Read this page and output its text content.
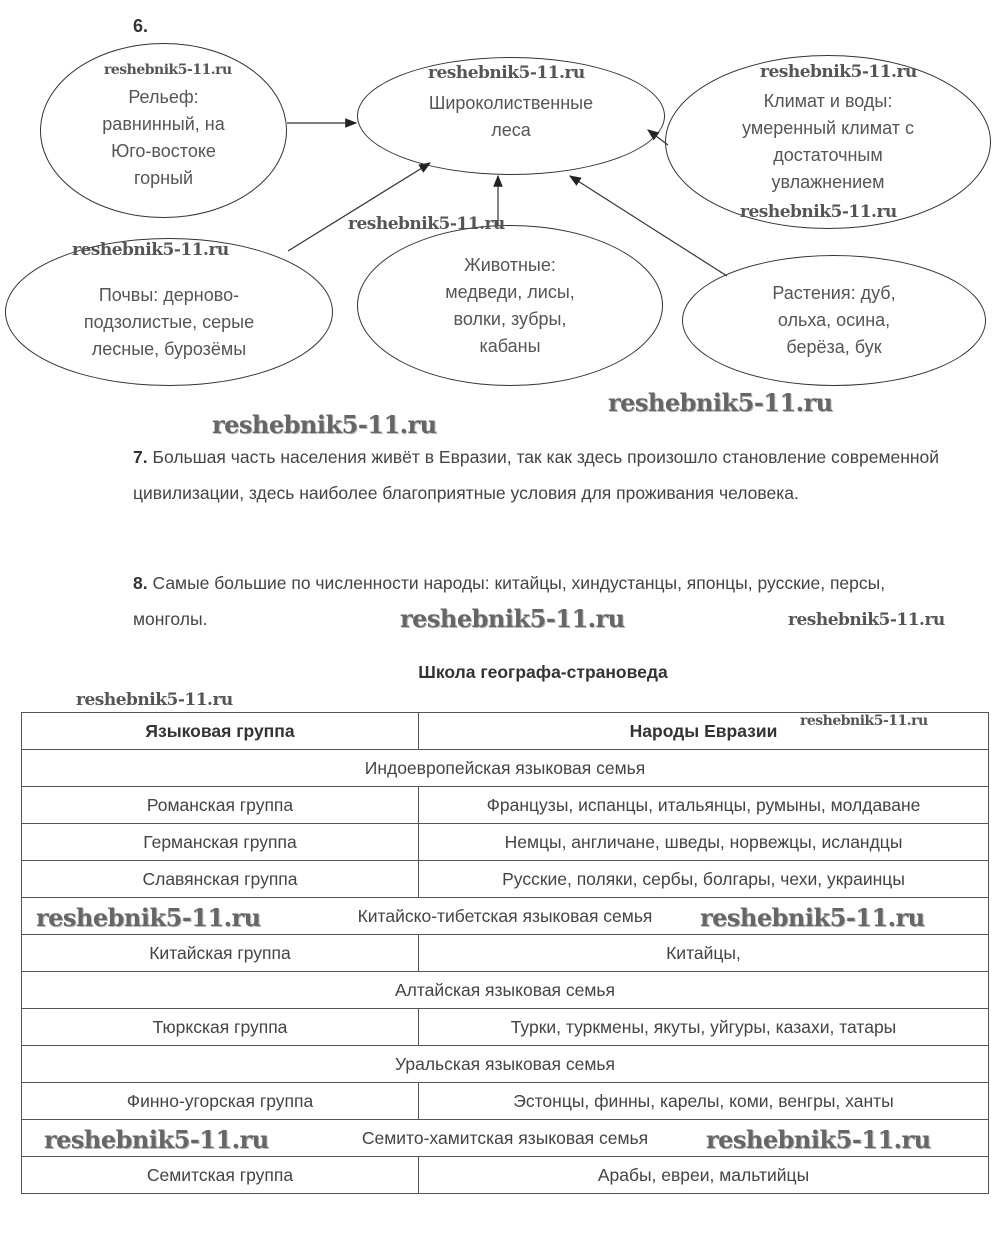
6.
Рельеф:
равнинный, на
Юго-востоке
горный
Широколиственные
леса
Климат и воды:
умеренный климат с
достаточным
увлажнением
Почвы: дерново-
подзолистые, серые
лесные, бурозёмы
Животные:
медведи, лисы,
волки, зубры,
кабаны
Растения: дуб,
ольха, осина,
берёза, бук
reshebnik5-11.ru
reshebnik5-11.ru	reshebnik5-11.ru
reshebnik5-11.ru
reshebnik5-11.ru
reshebnik5-11.ru
reshebnik5-11.ru
reshebnik5-11.ru
7. Большая часть населения живёт в Евразии, так как здесь произошло становление современной цивилизации, здесь наиболее благоприятные условия для проживания человека.
8. Самые большие по численности народы: китайцы, хиндустанцы, японцы, русские, персы, монголы.	reshebnik5-11.ru	reshebnik5-11.ru
Школа географа-страноведа
reshebnik5-11.ru
Языковая группа	Народы Евразии
Индоевропейская языковая семья	
Романская группа	Французы, испанцы, итальянцы, румыны, молдаване
Германская группа	Немцы, англичане, шведы, норвежцы, исландцы
Славянская группа	Русские, поляки, сербы, болгары, чехи, украинцы
Китайско-тибетская языковая семья	
Китайская группа	Китайцы,
Алтайская языковая семья	
Тюркская группа	Турки, туркмены, якуты, уйгуры, казахи, татары
Уральская языковая семья	
Финно-угорская группа	Эстонцы, финны, карелы, коми, венгры, ханты
Семито-хамитская языковая семья	
Семитская группа	Арабы, евреи, мальтийцы
reshebnik5-11.ru
reshebnik5-11.ru	reshebnik5-11.ru
reshebnik5-11.ru	reshebnik5-11.ru
